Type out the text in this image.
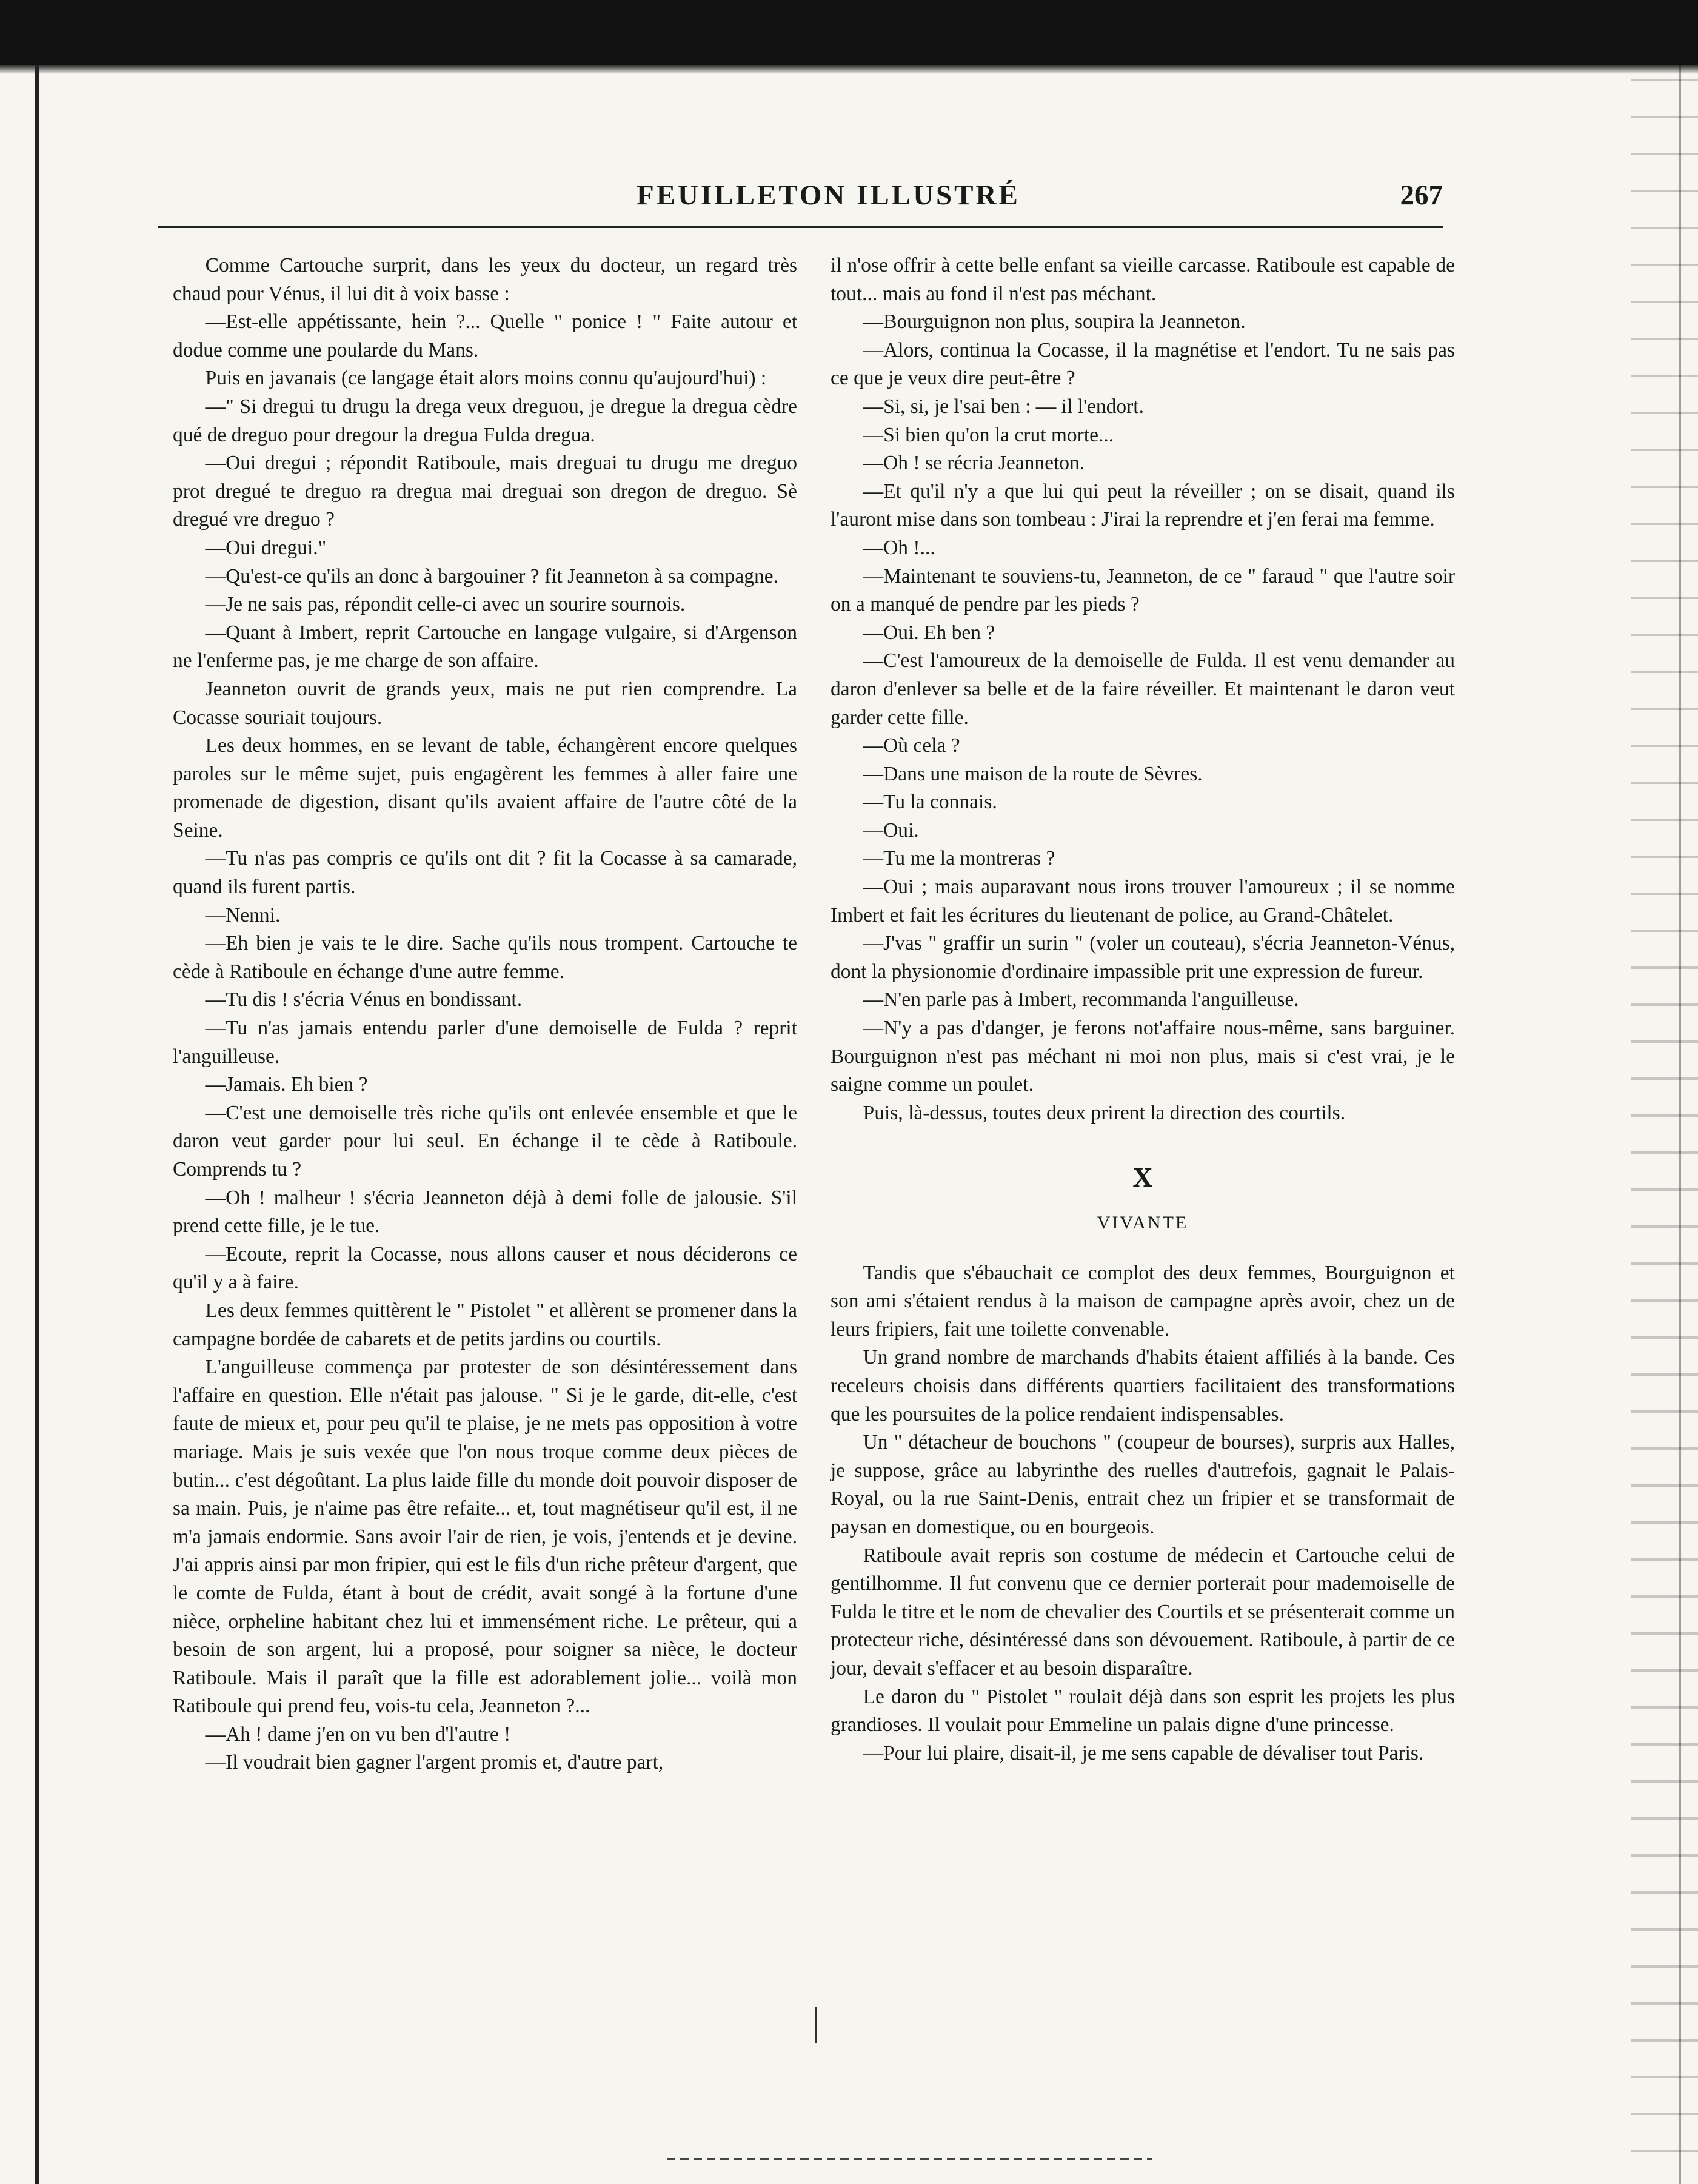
FEUILLETON ILLUSTRÉ	267

Comme Cartouche surprit, dans les yeux du docteur, un regard très chaud pour Vénus, il lui dit à voix basse :

—Est-elle appétissante, hein ?... Quelle " ponice ! " Faite autour et dodue comme une poularde du Mans.

Puis en javanais (ce langage était alors moins connu qu'aujourd'hui) :

—" Si dregui tu drugu la drega veux dreguou, je dregue la dregua cèdre qué de dreguo pour dregour la dregua Fulda dregua.

—Oui dregui ; répondit Ratiboule, mais dreguai tu drugu me dreguo prot dregué te dreguo ra dregua mai dreguai son dregon de dreguo. Sè dregué vre dreguo ?

—Oui dregui."

—Qu'est-ce qu'ils an donc à bargouiner ? fit Jeanneton à sa compagne.

—Je ne sais pas, répondit celle-ci avec un sourire sournois.

—Quant à Imbert, reprit Cartouche en langage vulgaire, si d'Argenson ne l'enferme pas, je me charge de son affaire.

Jeanneton ouvrit de grands yeux, mais ne put rien comprendre. La Cocasse souriait toujours.

Les deux hommes, en se levant de table, échangèrent encore quelques paroles sur le même sujet, puis engagèrent les femmes à aller faire une promenade de digestion, disant qu'ils avaient affaire de l'autre côté de la Seine.

—Tu n'as pas compris ce qu'ils ont dit ? fit la Cocasse à sa camarade, quand ils furent partis.

—Nenni.

—Eh bien je vais te le dire. Sache qu'ils nous trompent. Cartouche te cède à Ratiboule en échange d'une autre femme.

—Tu dis ! s'écria Vénus en bondissant.

—Tu n'as jamais entendu parler d'une demoiselle de Fulda ? reprit l'anguilleuse.

—Jamais. Eh bien ?

—C'est une demoiselle très riche qu'ils ont enlevée ensemble et que le daron veut garder pour lui seul. En échange il te cède à Ratiboule. Comprends tu ?

—Oh ! malheur ! s'écria Jeanneton déjà à demi folle de jalousie. S'il prend cette fille, je le tue.

—Ecoute, reprit la Cocasse, nous allons causer et nous déciderons ce qu'il y a à faire.

Les deux femmes quittèrent le " Pistolet " et allèrent se promener dans la campagne bordée de cabarets et de petits jardins ou courtils.

L'anguilleuse commença par protester de son désintéressement dans l'affaire en question. Elle n'était pas jalouse. " Si je le garde, dit-elle, c'est faute de mieux et, pour peu qu'il te plaise, je ne mets pas opposition à votre mariage. Mais je suis vexée que l'on nous troque comme deux pièces de butin... c'est dégoûtant. La plus laide fille du monde doit pouvoir disposer de sa main. Puis, je n'aime pas être refaite... et, tout magnétiseur qu'il est, il ne m'a jamais endormie. Sans avoir l'air de rien, je vois, j'entends et je devine. J'ai appris ainsi par mon fripier, qui est le fils d'un riche prêteur d'argent, que le comte de Fulda, étant à bout de crédit, avait songé à la fortune d'une nièce, orpheline habitant chez lui et immensément riche. Le prêteur, qui a besoin de son argent, lui a proposé, pour soigner sa nièce, le docteur Ratiboule. Mais il paraît que la fille est adorablement jolie... voilà mon Ratiboule qui prend feu, vois-tu cela, Jeanneton ?...

—Ah ! dame j'en on vu ben d'l'autre !

—Il voudrait bien gagner l'argent promis et, d'autre part,

il n'ose offrir à cette belle enfant sa vieille carcasse. Ratiboule est capable de tout... mais au fond il n'est pas méchant.

—Bourguignon non plus, soupira la Jeanneton.

—Alors, continua la Cocasse, il la magnétise et l'endort. Tu ne sais pas ce que je veux dire peut-être ?

—Si, si, je l'sai ben : — il l'endort.

—Si bien qu'on la crut morte...

—Oh ! se récria Jeanneton.

—Et qu'il n'y a que lui qui peut la réveiller ; on se disait, quand ils l'auront mise dans son tombeau : J'irai la reprendre et j'en ferai ma femme.

—Oh !...

—Maintenant te souviens-tu, Jeanneton, de ce " faraud " que l'autre soir on a manqué de pendre par les pieds ?

—Oui. Eh ben ?

—C'est l'amoureux de la demoiselle de Fulda. Il est venu demander au daron d'enlever sa belle et de la faire réveiller. Et maintenant le daron veut garder cette fille.

—Où cela ?

—Dans une maison de la route de Sèvres.

—Tu la connais.

—Oui.

—Tu me la montreras ?

—Oui ; mais auparavant nous irons trouver l'amoureux ; il se nomme Imbert et fait les écritures du lieutenant de police, au Grand-Châtelet.

—J'vas " graffir un surin " (voler un couteau), s'écria Jeanneton-Vénus, dont la physionomie d'ordinaire impassible prit une expression de fureur.

—N'en parle pas à Imbert, recommanda l'anguilleuse.

—N'y a pas d'danger, je ferons not'affaire nous-même, sans barguiner. Bourguignon n'est pas méchant ni moi non plus, mais si c'est vrai, je le saigne comme un poulet.

Puis, là-dessus, toutes deux prirent la direction des courtils.

X
VIVANTE

Tandis que s'ébauchait ce complot des deux femmes, Bourguignon et son ami s'étaient rendus à la maison de campagne après avoir, chez un de leurs fripiers, fait une toilette convenable.

Un grand nombre de marchands d'habits étaient affiliés à la bande. Ces receleurs choisis dans différents quartiers facilitaient des transformations que les poursuites de la police rendaient indispensables.

Un " détacheur de bouchons " (coupeur de bourses), surpris aux Halles, je suppose, grâce au labyrinthe des ruelles d'autrefois, gagnait le Palais-Royal, ou la rue Saint-Denis, entrait chez un fripier et se transformait de paysan en domestique, ou en bourgeois.

Ratiboule avait repris son costume de médecin et Cartouche celui de gentilhomme. Il fut convenu que ce dernier porterait pour mademoiselle de Fulda le titre et le nom de chevalier des Courtils et se présenterait comme un protecteur riche, désintéressé dans son dévouement. Ratiboule, à partir de ce jour, devait s'effacer et au besoin disparaître.

Le daron du " Pistolet " roulait déjà dans son esprit les projets les plus grandioses. Il voulait pour Emmeline un palais digne d'une princesse.

—Pour lui plaire, disait-il, je me sens capable de dévaliser tout Paris.
